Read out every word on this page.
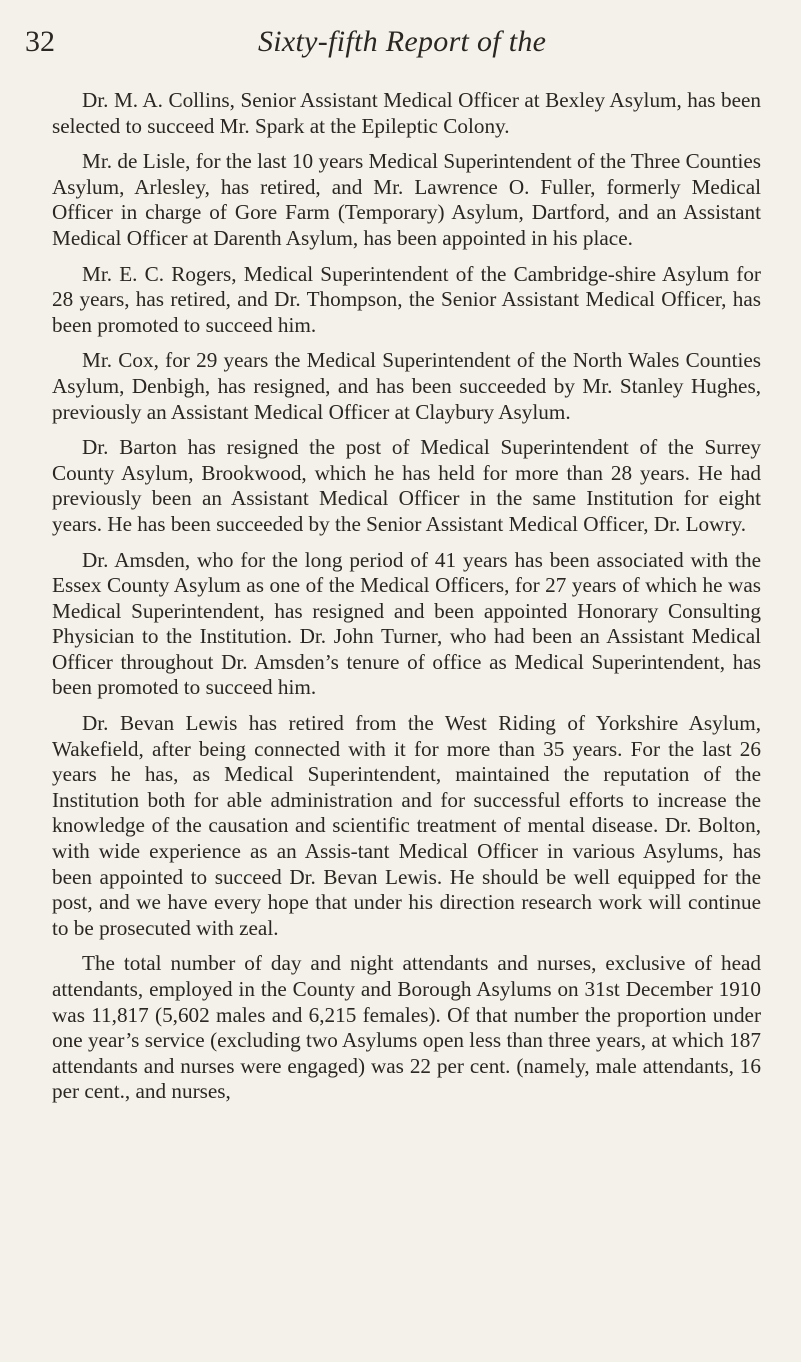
32	Sixty-fifth Report of the

Dr. M. A. Collins, Senior Assistant Medical Officer at Bexley Asylum, has been selected to succeed Mr. Spark at the Epileptic Colony.

Mr. de Lisle, for the last 10 years Medical Superintendent of the Three Counties Asylum, Arlesley, has retired, and Mr. Lawrence O. Fuller, formerly Medical Officer in charge of Gore Farm (Temporary) Asylum, Dartford, and an Assistant Medical Officer at Darenth Asylum, has been appointed in his place.

Mr. E. C. Rogers, Medical Superintendent of the Cambridge-shire Asylum for 28 years, has retired, and Dr. Thompson, the Senior Assistant Medical Officer, has been promoted to succeed him.

Mr. Cox, for 29 years the Medical Superintendent of the North Wales Counties Asylum, Denbigh, has resigned, and has been succeeded by Mr. Stanley Hughes, previously an Assistant Medical Officer at Claybury Asylum.

Dr. Barton has resigned the post of Medical Superintendent of the Surrey County Asylum, Brookwood, which he has held for more than 28 years. He had previously been an Assistant Medical Officer in the same Institution for eight years. He has been succeeded by the Senior Assistant Medical Officer, Dr. Lowry.

Dr. Amsden, who for the long period of 41 years has been associated with the Essex County Asylum as one of the Medical Officers, for 27 years of which he was Medical Superintendent, has resigned and been appointed Honorary Consulting Physician to the Institution. Dr. John Turner, who had been an Assistant Medical Officer throughout Dr. Amsden’s tenure of office as Medical Superintendent, has been promoted to succeed him.

Dr. Bevan Lewis has retired from the West Riding of Yorkshire Asylum, Wakefield, after being connected with it for more than 35 years. For the last 26 years he has, as Medical Superintendent, maintained the reputation of the Institution both for able administration and for successful efforts to increase the knowledge of the causation and scientific treatment of mental disease. Dr. Bolton, with wide experience as an Assis-tant Medical Officer in various Asylums, has been appointed to succeed Dr. Bevan Lewis. He should be well equipped for the post, and we have every hope that under his direction research work will continue to be prosecuted with zeal.

The total number of day and night attendants and nurses, exclusive of head attendants, employed in the County and Borough Asylums on 31st December 1910 was 11,817 (5,602 males and 6,215 females). Of that number the proportion under one year’s service (excluding two Asylums open less than three years, at which 187 attendants and nurses were engaged) was 22 per cent. (namely, male attendants, 16 per cent., and nurses,
